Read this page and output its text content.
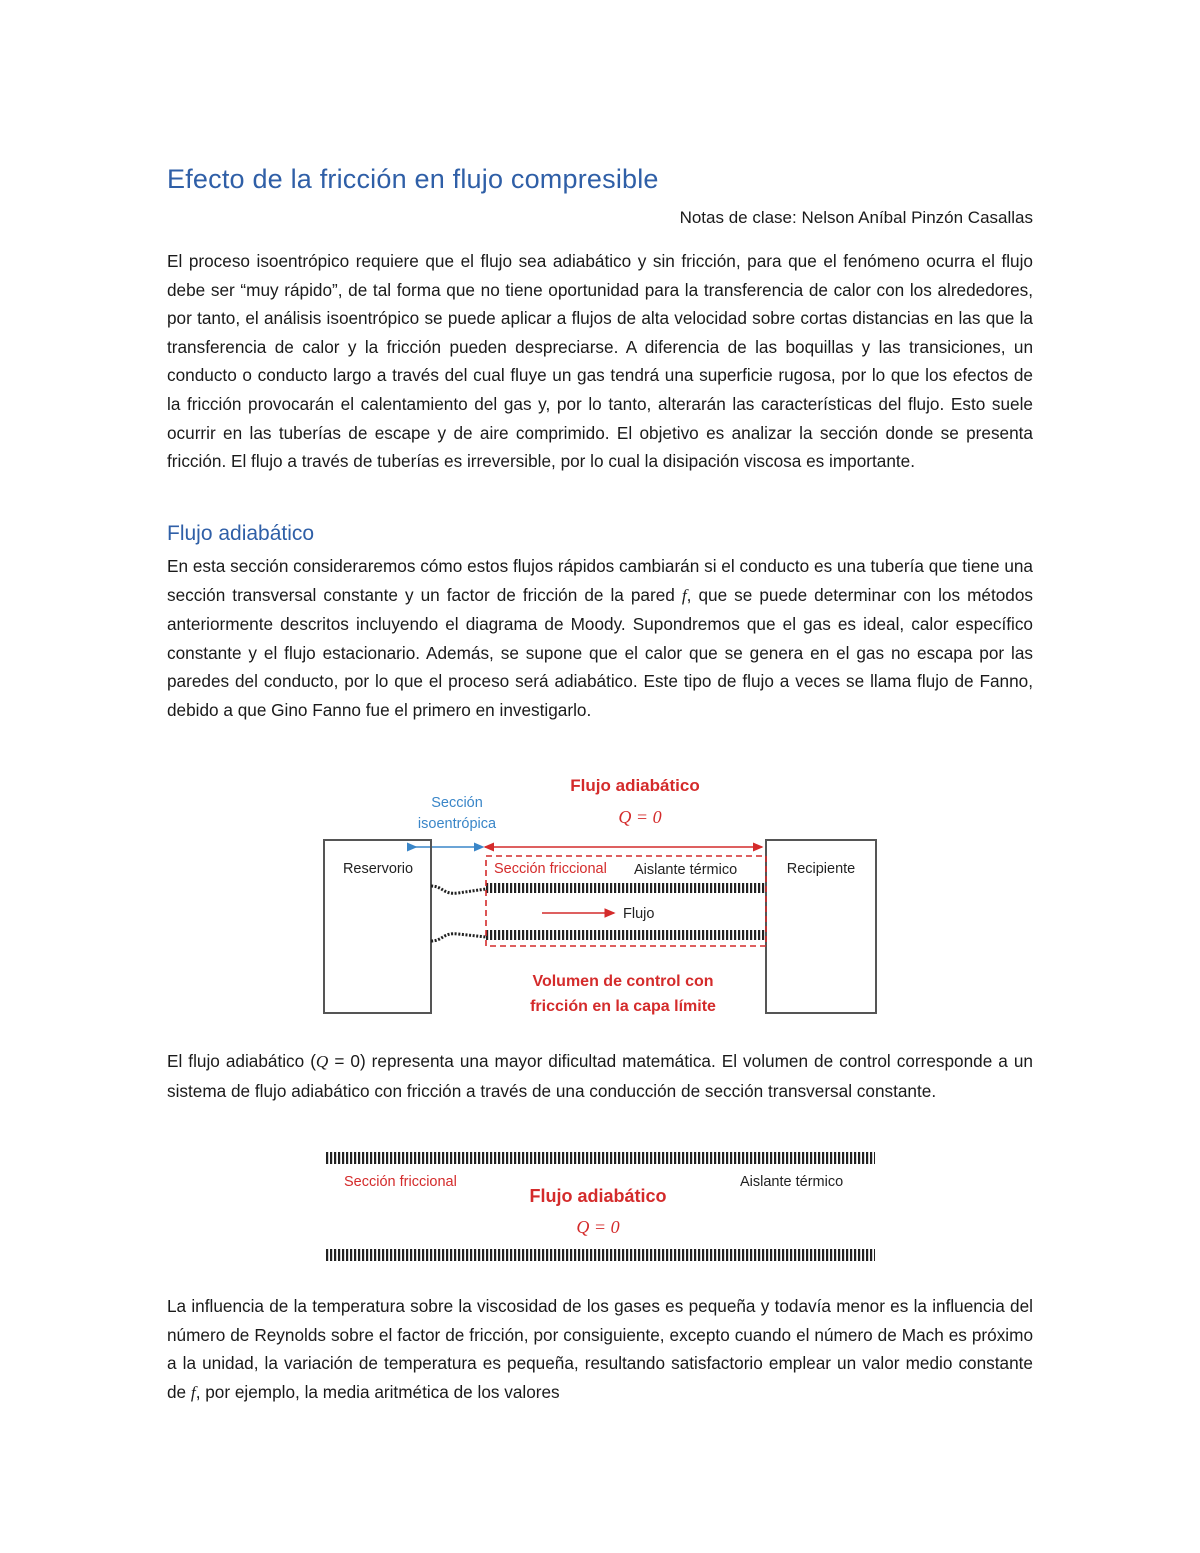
Efecto de la fricción en flujo compresible
Notas de clase: Nelson Aníbal Pinzón Casallas

El proceso isoentrópico requiere que el flujo sea adiabático y sin fricción, para que el fenómeno ocurra el flujo debe ser “muy rápido”, de tal forma que no tiene oportunidad para la transferencia de calor con los alrededores, por tanto, el análisis isoentrópico se puede aplicar a flujos de alta velocidad sobre cortas distancias en las que la transferencia de calor y la fricción pueden despreciarse. A diferencia de las boquillas y las transiciones, un conducto o conducto largo a través del cual fluye un gas tendrá una superficie rugosa, por lo que los efectos de la fricción provocarán el calentamiento del gas y, por lo tanto, alterarán las características del flujo. Esto suele ocurrir en las tuberías de escape y de aire comprimido. El objetivo es analizar la sección donde se presenta fricción. El flujo a través de tuberías es irreversible, por lo cual la disipación viscosa es importante.

Flujo adiabático

En esta sección consideraremos cómo estos flujos rápidos cambiarán si el conducto es una tubería que tiene una sección transversal constante y un factor de fricción de la pared f, que se puede determinar con los métodos anteriormente descritos incluyendo el diagrama de Moody. Supondremos que el gas es ideal, calor específico constante y el flujo estacionario. Además, se supone que el calor que se genera en el gas no escapa por las paredes del conducto, por lo que el proceso será adiabático. Este tipo de flujo a veces se llama flujo de Fanno, debido a que Gino Fanno fue el primero en investigarlo.

Flujo adiabático
Q = 0
Sección
isoentrópica
Reservorio	Recipiente
Sección friccional Aislante térmico
Flujo
Volumen de control con
fricción en la capa límite

El flujo adiabático (Q = 0) representa una mayor dificultad matemática. El volumen de control corresponde a un sistema de flujo adiabático con fricción a través de una conducción de sección transversal constante.

Sección friccional	Aislante térmico
Flujo adiabático
Q = 0

La influencia de la temperatura sobre la viscosidad de los gases es pequeña y todavía menor es la influencia del número de Reynolds sobre el factor de fricción, por consiguiente, excepto cuando el número de Mach es próximo a la unidad, la variación de temperatura es pequeña, resultando satisfactorio emplear un valor medio constante de f, por ejemplo, la media aritmética de los valores
